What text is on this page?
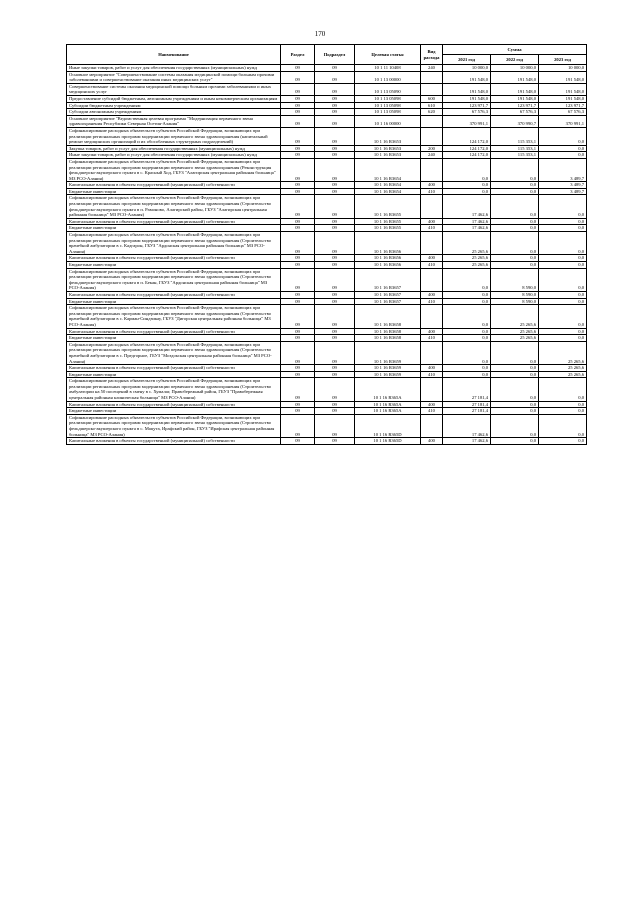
170
Наименование	Раздел	Подраздел	Целевая статья	Вид расхода	Сумма		
					2021 год	2022 год	2023 год
Иные закупки товаров, работ и услуг для обеспечения государственных (муниципальных) нужд	09	09	10 1 11 10408	240	10 000,0	10 000,0	10 000,0
Основное мероприятие "Совершенствование системы оказания медицинской помощи больным прочими заболеваниями и совершенствование оказания иных медицинских услуг"	09	09	10 1 13 00000		191 548,0	191 548,0	191 548,0
Совершенствование системы оказания медицинской помощи больным прочими заболеваниями и иных медицинских услуг	09	09	10 1 13 05090		191 548,0	191 548,0	191 548,0
Предоставление субсидий бюджетным, автономным учреждениям и иным некоммерческим организациям	09	09	10 1 13 05098	600	191 548,0	191 548,0	191 548,0
Субсидии бюджетным учреждениям	09	09	10 1 13 05098	610	123 971,7	123 971,7	123 971,7
Субсидии автономным учреждениям	09	09	10 1 13 05098	620	67 576,3	67 576,3	67 576,3
Основное мероприятие "Ведомственная целевая программа "Модернизация первичного звена здравоохранения Республики Северная Осетия-Алания"	09	09	10 1 16 00000		370 991,1	370 990,7	370 991,1
Софинансирование расходных обязательств субъектов Российской Федерации, возникающих при реализации региональных программ модернизации первичного звена здравоохранения (капитальный ремонт медицинских организаций и их обособленных структурных подразделений)	09	09	10 1 16 R365З		124 172,0	115 353,1	0,0
Закупка товаров, работ и услуг для обеспечения государственных (муниципальных) нужд	09	09	10 1 16 R365З	200	124 172,0	115 353,1	0,0
Иные закупки товаров, работ и услуг для обеспечения государственных (муниципальных) нужд	09	09	10 1 16 R365З	240	124 172,0	115 353,1	0,0
Софинансирование расходных обязательств субъектов Российской Федерации, возникающих при реализации региональных программ модернизации первичного звена здравоохранения (Реконструкция фельдшерско-акушерского пункта в с. Красный Ход, ГБУЗ "Алагирская центральная районная больница" МЗ РСО-Алания)	09	09	10 1 16 R3654		0,0	0,0	3 489,7
Капитальные вложения в объекты государственной (муниципальной) собственности	09	09	10 1 16 R3654	400	0,0	0,0	3 489,7
Бюджетные инвестиции	09	09	10 1 16 R3654	410	0,0	0,0	3 489,7
Софинансирование расходных обязательств субъектов Российской Федерации, возникающих при реализации региональных программ модернизации первичного звена здравоохранения (Строительство фельдшерско-акушерского пункта в п. Рамоново, Алагирский район, ГБУЗ "Алагирская центральная районная больница" МЗ РСО-Алания)	09	09	10 1 16 R3655		17 462,6	0,0	0,0
Капитальные вложения в объекты государственной (муниципальной) собственности	09	09	10 1 16 R3655	400	17 462,6	0,0	0,0
Бюджетные инвестиции	09	09	10 1 16 R3655	410	17 462,6	0,0	0,0
Софинансирование расходных обязательств субъектов Российской Федерации, возникающих при реализации региональных программ модернизации первичного звена здравоохранения (Строительство врачебной амбулатории в с. Кадгарон, ГБУЗ "Ардонская центральная районная больница" МЗ РСО-Алания)	09	09	10 1 16 R3656		25 265,6	0,0	0,0
Капитальные вложения в объекты государственной (муниципальной) собственности	09	09	10 1 16 R3656	400	25 265,6	0,0	0,0
Бюджетные инвестиции	09	09	10 1 16 R3656	410	25 265,6	0,0	0,0
Софинансирование расходных обязательств субъектов Российской Федерации, возникающих при реализации региональных программ модернизации первичного звена здравоохранения (Строительство фельдшерско-акушерского пункта в п. Бекан, ГБУЗ "Ардонская центральная районная больница" МЗ РСО-Алания)	09	09	10 1 16 R3657		0,0	8 590,0	0,0
Капитальные вложения в объекты государственной (муниципальной) собственности	09	09	10 1 16 R3657	400	0,0	8 590,0	0,0
Бюджетные инвестиции	09	09	10 1 16 R3657	410	0,0	8 590,0	0,0
Софинансирование расходных обязательств субъектов Российской Федерации, возникающих при реализации региональных программ модернизации первичного звена здравоохранения (Строительство врачебной амбулатории в с. Карман-Синдзикау, ГБУЗ "Дигорская центральная районная больница" МЗ РСО-Алания)	09	09	10 1 16 R3658		0,0	25 265,6	0,0
Капитальные вложения в объекты государственной (муниципальной) собственности	09	09	10 1 16 R3658	400	0,0	25 265,6	0,0
Бюджетные инвестиции	09	09	10 1 16 R3658	410	0,0	25 265,6	0,0
Софинансирование расходных обязательств субъектов Российской Федерации, возникающих при реализации региональных программ модернизации первичного звена здравоохранения (Строительство врачебной амбулатории в с. Предгорное, ГБУЗ "Моздокская центральная районная больница" МЗ РСО-Алания)	09	09	10 1 16 R3659		0,0	0,0	25 265,6
Капитальные вложения в объекты государственной (муниципальной) собственности	09	09	10 1 16 R3659	400	0,0	0,0	25 265,6
Бюджетные инвестиции	09	09	10 1 16 R3659	410	0,0	0,0	25 265,6
Софинансирование расходных обязательств субъектов Российской Федерации, возникающих при реализации региональных программ модернизации первичного звена здравоохранения (Строительство амбулатории на 50 посещений в смену в с. Хумалаг, Правобережный район, ГБУЗ "Правобережная центральная районная клиническая больница" МЗ РСО-Алания)	09	09	10 1 16 R365A		27 181,4	0,0	0,0
Капитальные вложения в объекты государственной (муниципальной) собственности	09	09	10 1 16 R365A	400	27 181,4	0,0	0,0
Бюджетные инвестиции	09	09	10 1 16 R365A	410	27 181,4	0,0	0,0
Софинансирование расходных обязательств субъектов Российской Федерации, возникающих при реализации региональных программ модернизации первичного звена здравоохранения (Строительство фельдшерско-акушерского пункта в с. Мацута, Ирафский район, ГБУЗ "Ирафская центральная районная больница" МЗ РСО-Алания)	09	09	10 1 16 R365D		17 462,6	0,0	0,0
Капитальные вложения в объекты государственной (муниципальной) собственности	09	09	10 1 16 R365D	400	17 462,6	0,0	0,0
